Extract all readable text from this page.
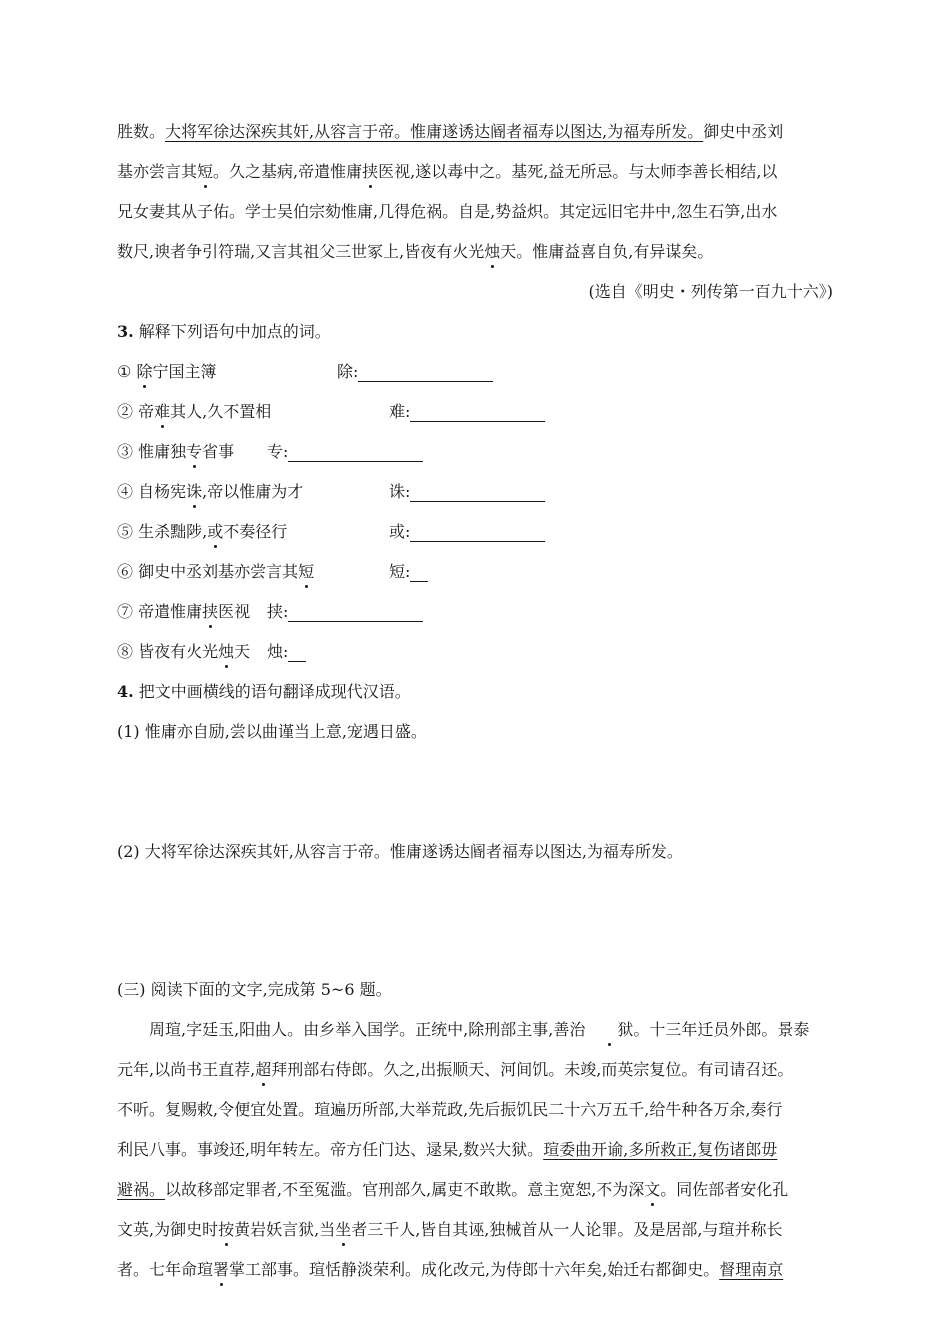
胜数。大将军徐达深疾其奸,从容言于帝。惟庸遂诱达阍者福寿以图达,为福寿所发。御史中丞刘
基亦尝言其短。久之基病,帝遣惟庸挟医视,遂以毒中之。基死,益无所忌。与太师李善长相结,以
兄女妻其从子佑。学士吴伯宗劾惟庸,几得危祸。自是,势益炽。其定远旧宅井中,忽生石笋,出水
数尺,谀者争引符瑞,又言其祖父三世冢上,皆夜有火光烛天。惟庸益喜自负,有异谋矣。
(选自《明史・列传第一百九十六》)
3. 解释下列语句中加点的词。
① 除宁国主簿	除:
② 帝难其人,久不置相	难:
③ 惟庸独专省事	专:
④ 自杨宪诛,帝以惟庸为才	诛:
⑤ 生杀黜陟,或不奏径行	或:
⑥ 御史中丞刘基亦尝言其短	短:
⑦ 帝遣惟庸挟医视	挟:
⑧ 皆夜有火光烛天	烛:
4. 把文中画横线的语句翻译成现代汉语。
(1) 惟庸亦自励,尝以曲谨当上意,宠遇日盛。
(2) 大将军徐达深疾其奸,从容言于帝。惟庸遂诱达阍者福寿以图达,为福寿所发。
(三) 阅读下面的文字,完成第 5~6 题。
周瑄,字廷玉,阳曲人。由乡举入国学。正统中,除刑部主事,善治 狱。十三年迁员外郎。景泰
元年,以尚书王直荐,超拜刑部右侍郎。久之,出振顺天、河间饥。未竣,而英宗复位。有司请召还。
不听。复赐敕,令便宜处置。瑄遍历所部,大举荒政,先后振饥民二十六万五千,给牛种各万余,奏行
利民八事。事竣还,明年转左。帝方任门达、逯杲,数兴大狱。瑄委曲开谕,多所救正,复伤诸郎毋
避祸。以故移部定罪者,不至冤滥。官刑部久,属吏不敢欺。意主宽恕,不为深文。同佐部者安化孔
文英,为御史时按黄岩妖言狱,当坐者三千人,皆自其诬,独械首从一人论罪。及是居部,与瑄并称长
者。七年命瑄署掌工部事。瑄恬静淡荣利。成化改元,为侍郎十六年矣,始迁右都御史。督理南京
